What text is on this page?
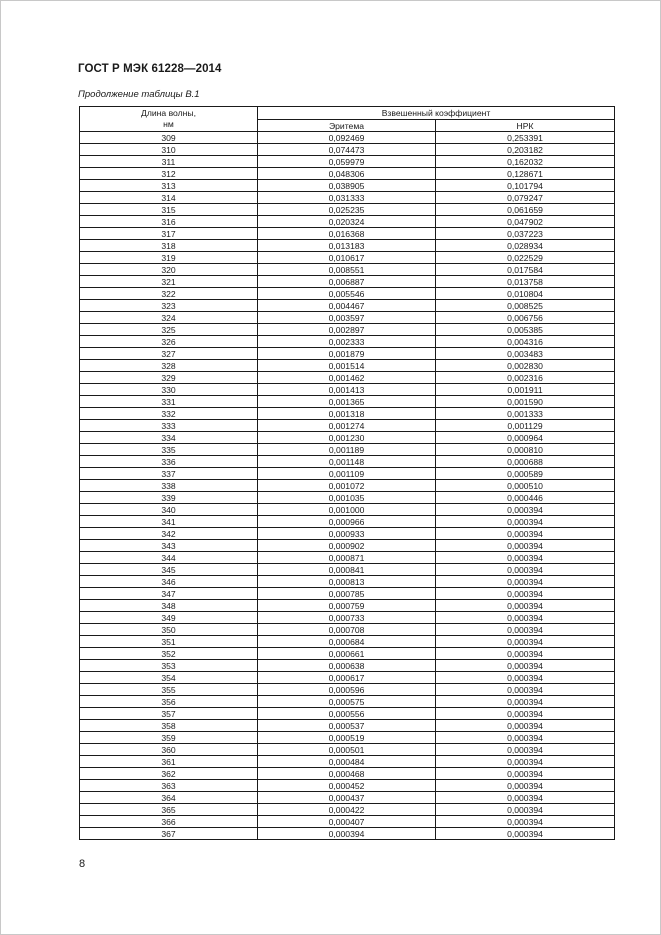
ГОСТ Р МЭК 61228—2014
Продолжение таблицы В.1
Длина волны,
нм	Взвешенный коэффициент	
	Эритема	НРК
309	0,092469	0,253391
310	0,074473	0,203182
311	0,059979	0,162032
312	0,048306	0,128671
313	0,038905	0,101794
314	0,031333	0,079247
315	0,025235	0,061659
316	0,020324	0,047902
317	0,016368	0,037223
318	0,013183	0,028934
319	0,010617	0,022529
320	0,008551	0,017584
321	0,006887	0,013758
322	0,005546	0,010804
323	0,004467	0,008525
324	0,003597	0,006756
325	0,002897	0,005385
326	0,002333	0,004316
327	0,001879	0,003483
328	0,001514	0,002830
329	0,001462	0,002316
330	0,001413	0,001911
331	0,001365	0,001590
332	0,001318	0,001333
333	0,001274	0,001129
334	0,001230	0,000964
335	0,001189	0,000810
336	0,001148	0,000688
337	0,001109	0,000589
338	0,001072	0,000510
339	0,001035	0,000446
340	0,001000	0,000394
341	0,000966	0,000394
342	0,000933	0,000394
343	0,000902	0,000394
344	0,000871	0,000394
345	0,000841	0,000394
346	0,000813	0,000394
347	0,000785	0,000394
348	0,000759	0,000394
349	0,000733	0,000394
350	0,000708	0,000394
351	0,000684	0,000394
352	0,000661	0,000394
353	0,000638	0,000394
354	0,000617	0,000394
355	0,000596	0,000394
356	0,000575	0,000394
357	0,000556	0,000394
358	0,000537	0,000394
359	0,000519	0,000394
360	0,000501	0,000394
361	0,000484	0,000394
362	0,000468	0,000394
363	0,000452	0,000394
364	0,000437	0,000394
365	0,000422	0,000394
366	0,000407	0,000394
367	0,000394	0,000394
8
